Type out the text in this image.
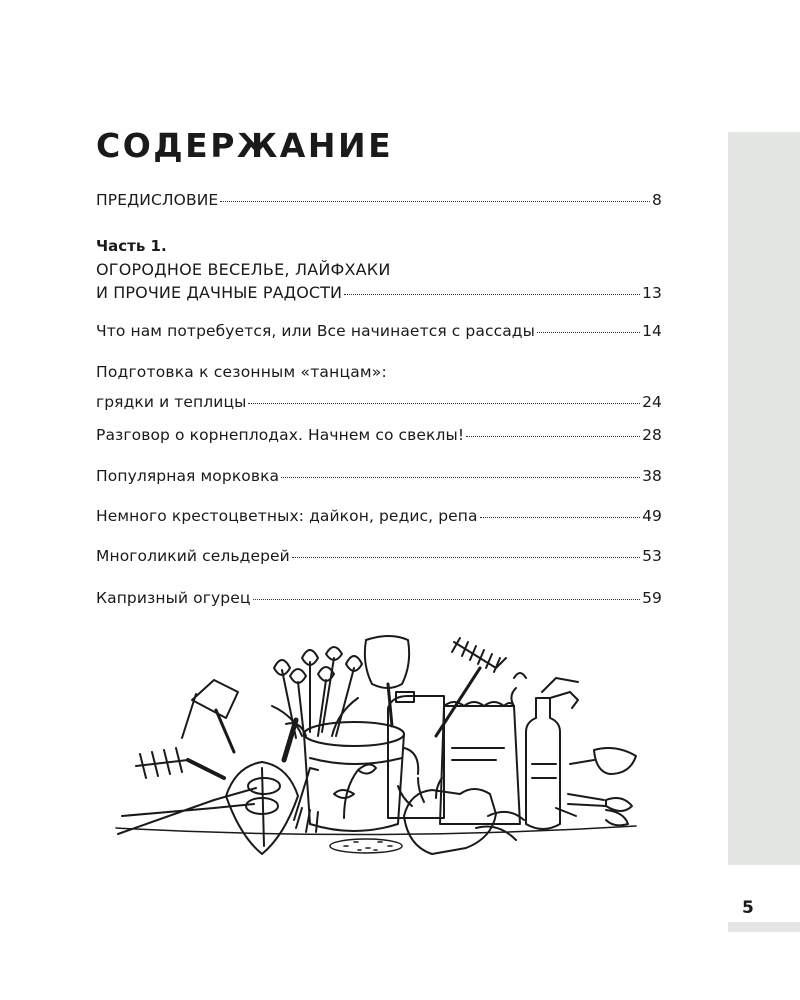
5
СОДЕРЖАНИЕ
ПРЕДИСЛОВИЕ	8
Часть 1.
ОГОРОДНОЕ ВЕСЕЛЬЕ, ЛАЙФХАКИ
И ПРОЧИЕ ДАЧНЫЕ РАДОСТИ	13
Что нам потребуется, или Все начинается с рассады	14
Подготовка к сезонным «танцам»:
грядки и теплицы	24
Разговор о корнеплодах. Начнем со свеклы!	28
Популярная морковка	38
Немного крестоцветных: дайкон, редис, репа	49
Многоликий сельдерей	53
Капризный огурец	59
